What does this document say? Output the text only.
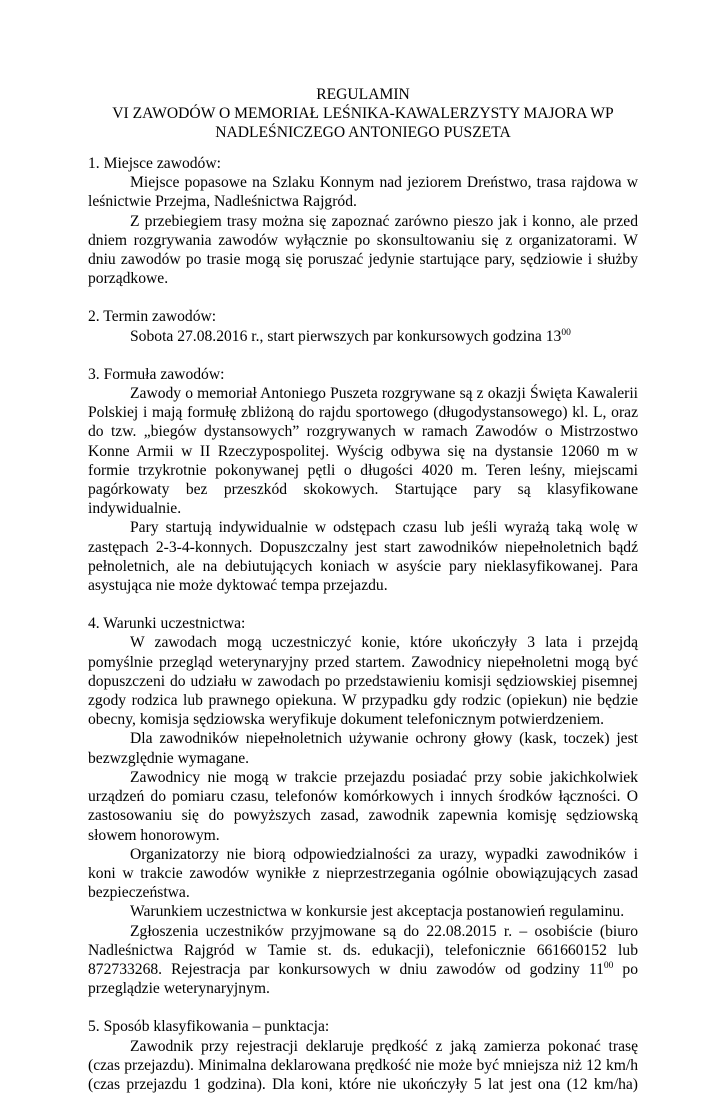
REGULAMIN
VI ZAWODÓW O MEMORIAŁ LEŚNIKA-KAWALERZYSTY MAJORA WP
NADLEŚNICZEGO ANTONIEGO PUSZETA
1. Miejsce zawodów:
Miejsce popasowe na Szlaku Konnym nad jeziorem Dreństwo, trasa rajdowa w leśnictwie Przejma, Nadleśnictwa Rajgród.
Z przebiegiem trasy można się zapoznać zarówno pieszo jak i konno, ale przed dniem rozgrywania zawodów wyłącznie po skonsultowaniu się z organizatorami. W dniu zawodów po trasie mogą się poruszać jedynie startujące pary, sędziowie i służby porządkowe.
2. Termin zawodów:
Sobota 27.08.2016 r., start pierwszych par konkursowych godzina $13^{00}$
3. Formuła zawodów:
Zawody o memoriał Antoniego Puszeta rozgrywane są z okazji Święta Kawalerii Polskiej i mają formułę zbliżoną do rajdu sportowego (długodystansowego) kl. L, oraz do tzw. „biegów dystansowych” rozgrywanych w ramach Zawodów o Mistrzostwo Konne Armii w II Rzeczypospolitej. Wyścig odbywa się na dystansie 12060 m w formie trzykrotnie pokonywanej pętli o długości 4020 m. Teren leśny, miejscami pagórkowaty bez przeszkód skokowych. Startujące pary są klasyfikowane indywidualnie.
Pary startują indywidualnie w odstępach czasu lub jeśli wyrażą taką wolę w zastępach 2-3-4-konnych. Dopuszczalny jest start zawodników niepełnoletnich bądź pełnoletnich, ale na debiutujących koniach w asyście pary nieklasyfikowanej. Para asystująca nie może dyktować tempa przejazdu.
4. Warunki uczestnictwa:
W zawodach mogą uczestniczyć konie, które ukończyły 3 lata i przejdą pomyślnie przegląd weterynaryjny przed startem. Zawodnicy niepełnoletni mogą być dopuszczeni do udziału w zawodach po przedstawieniu komisji sędziowskiej pisemnej zgody rodzica lub prawnego opiekuna. W przypadku gdy rodzic (opiekun) nie będzie obecny, komisja sędziowska weryfikuje dokument telefonicznym potwierdzeniem.
Dla zawodników niepełnoletnich używanie ochrony głowy (kask, toczek) jest bezwzględnie wymagane.
Zawodnicy nie mogą w trakcie przejazdu posiadać przy sobie jakichkolwiek urządzeń do pomiaru czasu, telefonów komórkowych i innych środków łączności. O zastosowaniu się do powyższych zasad, zawodnik zapewnia komisję sędziowską słowem honorowym.
Organizatorzy nie biorą odpowiedzialności za urazy, wypadki zawodników i koni w trakcie zawodów wynikłe z nieprzestrzegania ogólnie obowiązujących zasad bezpieczeństwa.
Warunkiem uczestnictwa w konkursie jest akceptacja postanowień regulaminu.
Zgłoszenia uczestników przyjmowane są do 22.08.2015 r. – osobiście (biuro Nadleśnictwa Rajgród w Tamie st. ds. edukacji), telefonicznie 661660152 lub 872733268. Rejestracja par konkursowych w dniu zawodów od godziny $11^{00}$ po przeglądzie weterynaryjnym.
5. Sposób klasyfikowania – punktacja:
Zawodnik przy rejestracji deklaruje prędkość z jaką zamierza pokonać trasę (czas przejazdu). Minimalna deklarowana prędkość nie może być mniejsza niż 12 km/h (czas przejazdu 1 godzina). Dla koni, które nie ukończyły 5 lat jest ona (12 km/ha)
